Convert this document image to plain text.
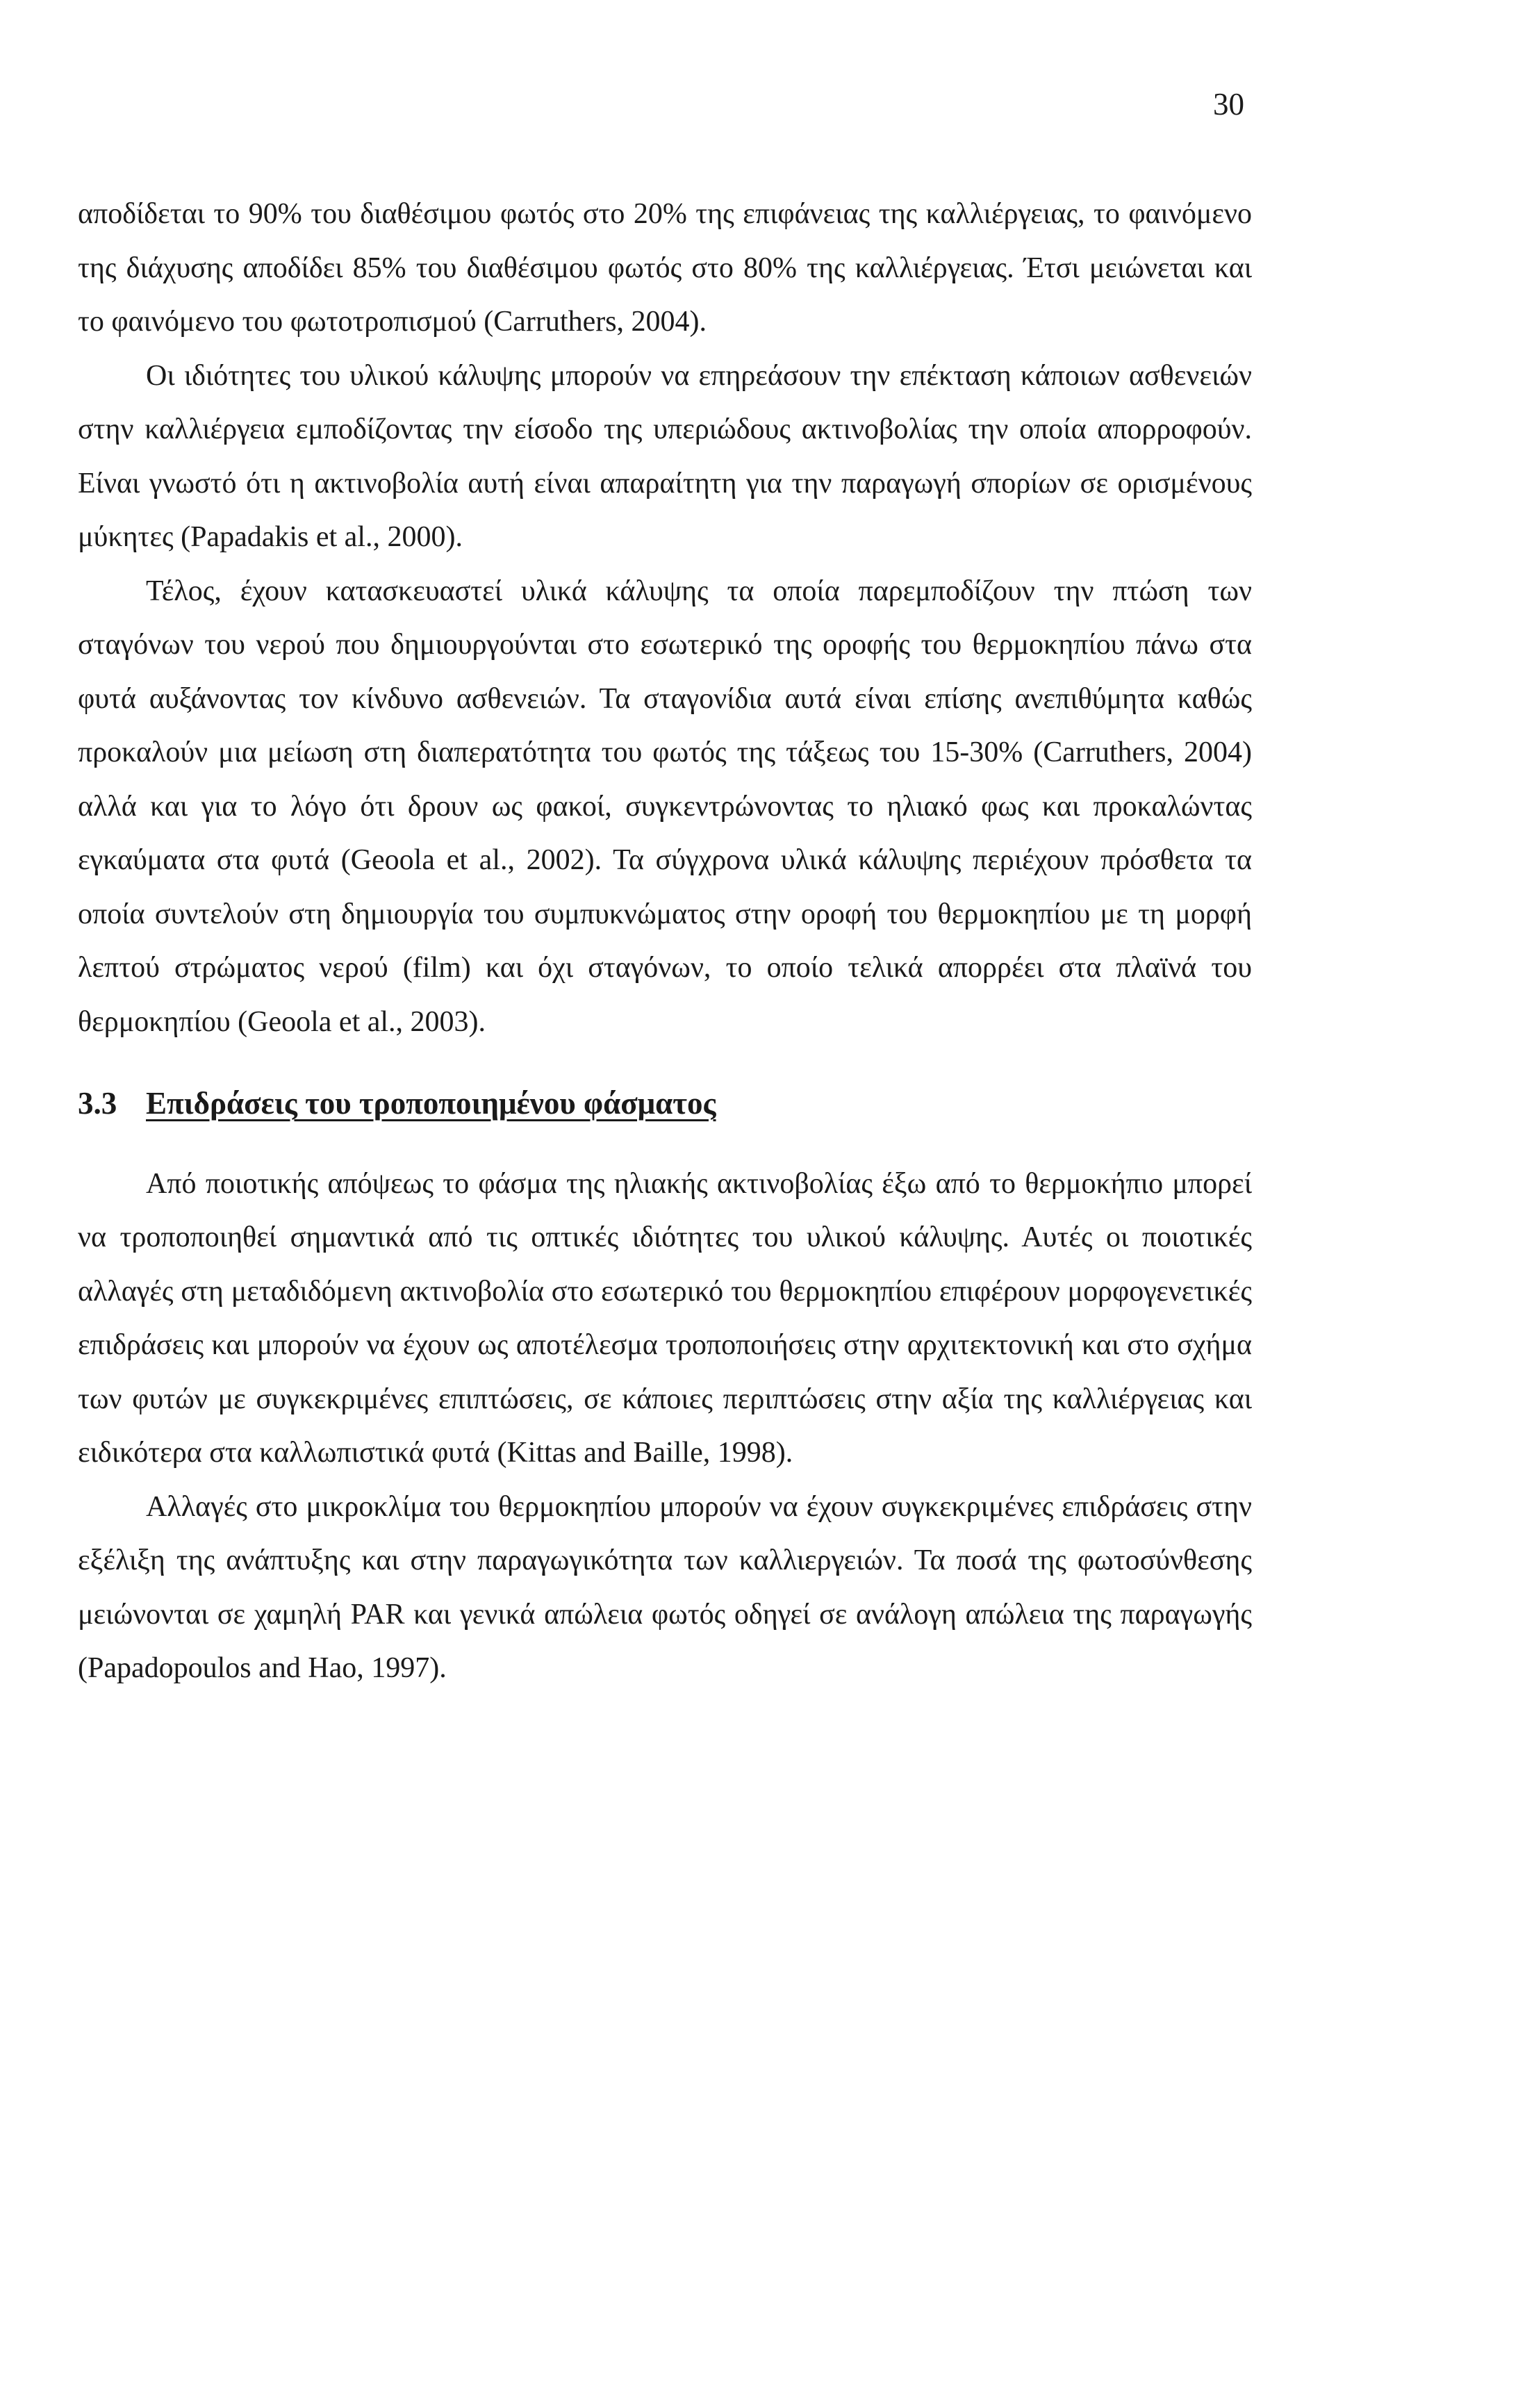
30

αποδίδεται το 90% του διαθέσιμου φωτός στο 20% της επιφάνειας της καλλιέργειας, το φαινόμενο της διάχυσης αποδίδει 85% του διαθέσιμου φωτός στο 80% της καλλιέργειας. Έτσι μειώνεται και το φαινόμενο του φωτοτροπισμού (Carruthers, 2004).

Οι ιδιότητες του υλικού κάλυψης μπορούν να επηρεάσουν την επέκταση κάποιων ασθενειών στην καλλιέργεια εμποδίζοντας την είσοδο της υπεριώδους ακτινοβολίας την οποία απορροφούν. Είναι γνωστό ότι η ακτινοβολία αυτή είναι απαραίτητη για την παραγωγή σπορίων σε ορισμένους μύκητες (Papadakis et al., 2000).

Τέλος, έχουν κατασκευαστεί υλικά κάλυψης τα οποία παρεμποδίζουν την πτώση των σταγόνων του νερού που δημιουργούνται στο εσωτερικό της οροφής του θερμοκηπίου πάνω στα φυτά αυξάνοντας τον κίνδυνο ασθενειών. Τα σταγονίδια αυτά είναι επίσης ανεπιθύμητα καθώς προκαλούν μια μείωση στη διαπερατότητα του φωτός της τάξεως του 15-30% (Carruthers, 2004) αλλά και για το λόγο ότι δρουν ως φακοί, συγκεντρώνοντας το ηλιακό φως και προκαλώντας εγκαύματα στα φυτά (Geoola et al., 2002). Τα σύγχρονα υλικά κάλυψης περιέχουν πρόσθετα τα οποία συντελούν στη δημιουργία του συμπυκνώματος στην οροφή του θερμοκηπίου με τη μορφή λεπτού στρώματος νερού (film) και όχι σταγόνων, το οποίο τελικά απορρέει στα πλαϊνά του θερμοκηπίου (Geoola et al., 2003).

3.3 Επιδράσεις του τροποποιημένου φάσματος

Από ποιοτικής απόψεως το φάσμα της ηλιακής ακτινοβολίας έξω από το θερμοκήπιο μπορεί να τροποποιηθεί σημαντικά από τις οπτικές ιδιότητες του υλικού κάλυψης. Αυτές οι ποιοτικές αλλαγές στη μεταδιδόμενη ακτινοβολία στο εσωτερικό του θερμοκηπίου επιφέρουν μορφογενετικές επιδράσεις και μπορούν να έχουν ως αποτέλεσμα τροποποιήσεις στην αρχιτεκτονική και στο σχήμα των φυτών με συγκεκριμένες επιπτώσεις, σε κάποιες περιπτώσεις στην αξία της καλλιέργειας και ειδικότερα στα καλλωπιστικά φυτά (Kittas and Baille, 1998).

Αλλαγές στο μικροκλίμα του θερμοκηπίου μπορούν να έχουν συγκεκριμένες επιδράσεις στην εξέλιξη της ανάπτυξης και στην παραγωγικότητα των καλλιεργειών. Τα ποσά της φωτοσύνθεσης μειώνονται σε χαμηλή PAR και γενικά απώλεια φωτός οδηγεί σε ανάλογη απώλεια της παραγωγής (Papadopoulos and Hao, 1997).
